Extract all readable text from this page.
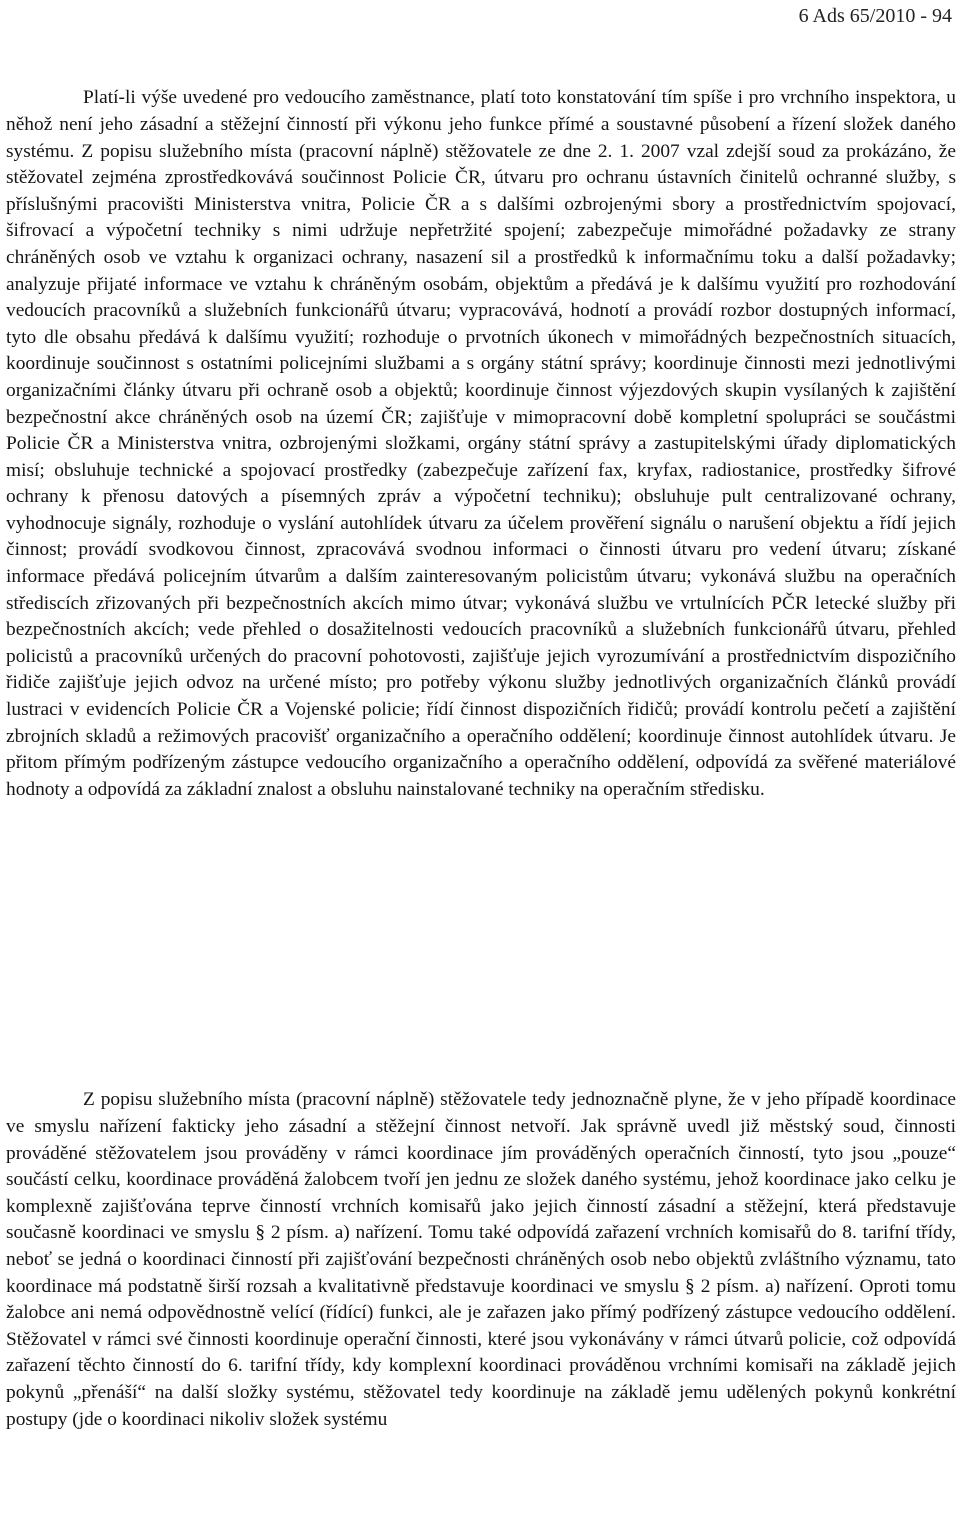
6 Ads 65/2010 - 94

Platí-li výše uvedené pro vedoucího zaměstnance, platí toto konstatování tím spíše i pro vrchního inspektora, u něhož není jeho zásadní a stěžejní činností při výkonu jeho funkce přímé a soustavné působení a řízení složek daného systému. Z popisu služebního místa (pracovní náplně) stěžovatele ze dne 2. 1. 2007 vzal zdejší soud za prokázáno, že stěžovatel zejména zprostředkovává součinnost Policie ČR, útvaru pro ochranu ústavních činitelů ochranné služby, s příslušnými pracovišti Ministerstva vnitra, Policie ČR a s dalšími ozbrojenými sbory a prostřednictvím spojovací, šifrovací a výpočetní techniky s nimi udržuje nepřetržité spojení; zabezpečuje mimořádné požadavky ze strany chráněných osob ve vztahu k organizaci ochrany, nasazení sil a prostředků k informačnímu toku a další požadavky; analyzuje přijaté informace ve vztahu k chráněným osobám, objektům a předává je k dalšímu využití pro rozhodování vedoucích pracovníků a služebních funkcionářů útvaru; vypracovává, hodnotí a provádí rozbor dostupných informací, tyto dle obsahu předává k dalšímu využití; rozhoduje o prvotních úkonech v mimořádných bezpečnostních situacích, koordinuje součinnost s ostatními policejními službami a s orgány státní správy; koordinuje činnosti mezi jednotlivými organizačními články útvaru při ochraně osob a objektů; koordinuje činnost výjezdových skupin vysílaných k zajištění bezpečnostní akce chráněných osob na území ČR; zajišťuje v mimopracovní době kompletní spolupráci se součástmi Policie ČR a Ministerstva vnitra, ozbrojenými složkami, orgány státní správy a zastupitelskými úřady diplomatických misí; obsluhuje technické a spojovací prostředky (zabezpečuje zařízení fax, kryfax, radiostanice, prostředky šifrové ochrany k přenosu datových a písemných zpráv a výpočetní techniku); obsluhuje pult centralizované ochrany, vyhodnocuje signály, rozhoduje o vyslání autohlídek útvaru za účelem prověření signálu o narušení objektu a řídí jejich činnost; provádí svodkovou činnost, zpracovává svodnou informaci o činnosti útvaru pro vedení útvaru; získané informace předává policejním útvarům a dalším zainteresovaným policistům útvaru; vykonává službu na operačních střediscích zřizovaných při bezpečnostních akcích mimo útvar; vykonává službu ve vrtulnících PČR letecké služby při bezpečnostních akcích; vede přehled o dosažitelnosti vedoucích pracovníků a služebních funkcionářů útvaru, přehled policistů a pracovníků určených do pracovní pohotovosti, zajišťuje jejich vyrozumívání a prostřednictvím dispozičního řidiče zajišťuje jejich odvoz na určené místo; pro potřeby výkonu služby jednotlivých organizačních článků provádí lustraci v evidencích Policie ČR a Vojenské policie; řídí činnost dispozičních řidičů; provádí kontrolu pečetí a zajištění zbrojních skladů a režimových pracovišť organizačního a operačního oddělení; koordinuje činnost autohlídek útvaru. Je přitom přímým podřízeným zástupce vedoucího organizačního a operačního oddělení, odpovídá za svěřené materiálové hodnoty a odpovídá za základní znalost a obsluhu nainstalované techniky na operačním středisku.

Z popisu služebního místa (pracovní náplně) stěžovatele tedy jednoznačně plyne, že v jeho případě koordinace ve smyslu nařízení fakticky jeho zásadní a stěžejní činnost netvoří. Jak správně uvedl již městský soud, činnosti prováděné stěžovatelem jsou prováděny v rámci koordinace jím prováděných operačních činností, tyto jsou „pouze“ součástí celku, koordinace prováděná žalobcem tvoří jen jednu ze složek daného systému, jehož koordinace jako celku je komplexně zajišťována teprve činností vrchních komisařů jako jejich činností zásadní a stěžejní, která představuje současně koordinaci ve smyslu § 2 písm. a) nařízení. Tomu také odpovídá zařazení vrchních komisařů do 8. tarifní třídy, neboť se jedná o koordinaci činností při zajišťování bezpečnosti chráněných osob nebo objektů zvláštního významu, tato koordinace má podstatně širší rozsah a kvalitativně představuje koordinaci ve smyslu § 2 písm. a) nařízení. Oproti tomu žalobce ani nemá odpovědnostně velící (řídící) funkci, ale je zařazen jako přímý podřízený zástupce vedoucího oddělení. Stěžovatel v rámci své činnosti koordinuje operační činnosti, které jsou vykonávány v rámci útvarů policie, což odpovídá zařazení těchto činností do 6. tarifní třídy, kdy komplexní koordinaci prováděnou vrchními komisaři na základě jejich pokynů „přenáší“ na další složky systému, stěžovatel tedy koordinuje na základě jemu udělených pokynů konkrétní postupy (jde o koordinaci nikoliv složek systému
